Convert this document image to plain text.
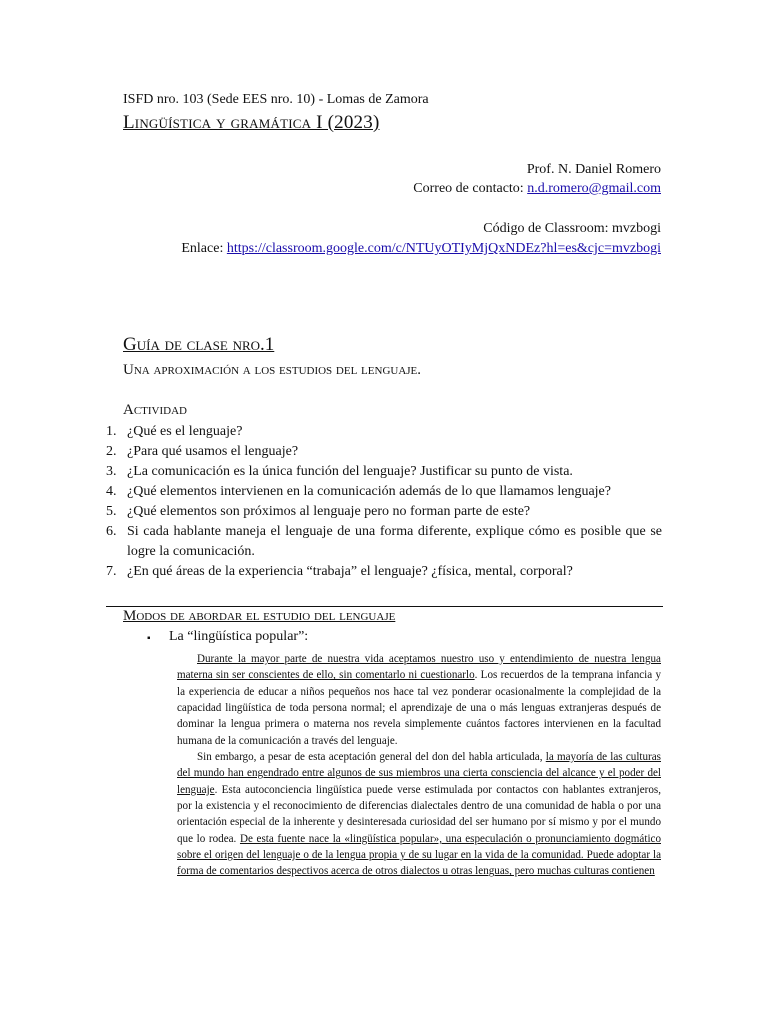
ISFD nro. 103 (Sede EES nro. 10) - Lomas de Zamora
Lingüística y gramática I (2023)
Prof. N. Daniel Romero
Correo de contacto: n.d.romero@gmail.com
Código de Classroom: mvzbogi
Enlace: https://classroom.google.com/c/NTUyOTIyMjQxNDEz?hl=es&cjc=mvzbogi
Guía de clase nro.1
Una aproximación a los estudios del lenguaje.
Actividad
1. ¿Qué es el lenguaje?
2. ¿Para qué usamos el lenguaje?
3. ¿La comunicación es la única función del lenguaje? Justificar su punto de vista.
4. ¿Qué elementos intervienen en la comunicación además de lo que llamamos lenguaje?
5. ¿Qué elementos son próximos al lenguaje pero no forman parte de este?
6. Si cada hablante maneja el lenguaje de una forma diferente, explique cómo es posible que se logre la comunicación.
7. ¿En qué áreas de la experiencia “trabaja” el lenguaje? ¿física, mental, corporal?
Modos de abordar el estudio del lenguaje
▪	La “lingüística popular”:

Durante la mayor parte de nuestra vida aceptamos nuestro uso y entendimiento de nuestra lengua materna sin ser conscientes de ello, sin comentarlo ni cuestionarlo. Los recuerdos de la temprana infancia y la experiencia de educar a niños pequeños nos hace tal vez ponderar ocasionalmente la complejidad de la capacidad lingüística de toda persona normal; el aprendizaje de una o más lenguas extranjeras después de dominar la lengua primera o materna nos revela simplemente cuántos factores intervienen en la facultad humana de la comunicación a través del lenguaje.

Sin embargo, a pesar de esta aceptación general del don del habla articulada, la mayoría de las culturas del mundo han engendrado entre algunos de sus miembros una cierta consciencia del alcance y el poder del lenguaje. Esta autoconciencia lingüística puede verse estimulada por contactos con hablantes extranjeros, por la existencia y el reconocimiento de diferencias dialectales dentro de una comunidad de habla o por una orientación especial de la inherente y desinteresada curiosidad del ser humano por sí mismo y por el mundo que lo rodea. De esta fuente nace la «lingüística popular», una especulación o pronunciamiento dogmático sobre el origen del lenguaje o de la lengua propia y de su lugar en la vida de la comunidad. Puede adoptar la forma de comentarios despectivos acerca de otros dialectos u otras lenguas, pero muchas culturas contienen
